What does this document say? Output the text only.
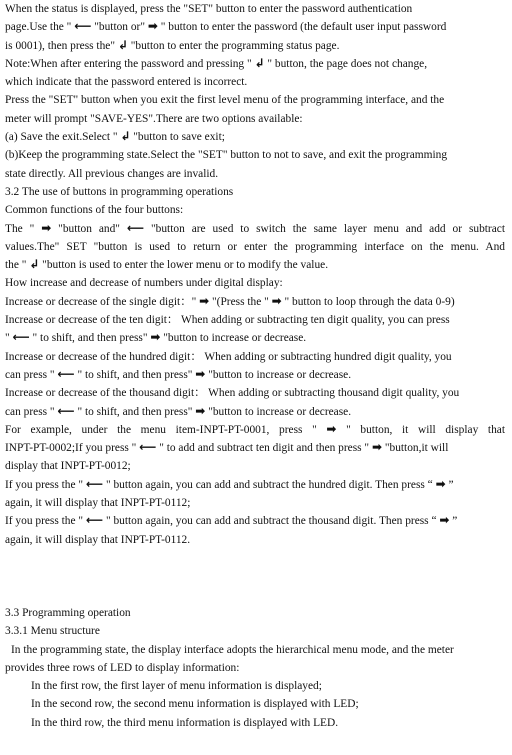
When the status is displayed, press the "SET" button to enter the password authentication
page.Use the " ⟵ "button or" ➡ " button to enter the password (the default user input password
is 0001), then press the" ↲ "button to enter the programming status page.
Note:When after entering the password and pressing " ↲ " button, the page does not change,
which indicate that the password entered is incorrect.
Press the "SET" button when you exit the first level menu of the programming interface, and the
meter will prompt "SAVE-YES".There are two options available:
(a) Save the exit.Select " ↲ "button to save exit;
(b)Keep the programming state.Select the "SET" button to not to save, and exit the programming
state directly. All previous changes are invalid.
3.2 The use of buttons in programming operations
Common functions of the four buttons:
The " ➡ "button and" ⟵ "button are used to switch the same layer menu and add or subtract
values.The" SET "button is used to return or enter the programming interface on the menu. And
the " ↲ "button is used to enter the lower menu or to modify the value.
How increase and decrease of numbers under digital display:
Increase or decrease of the single digit：" ➡ "(Press the " ➡ " button to loop through the data 0-9)
Increase or decrease of the ten digit： When adding or subtracting ten digit quality, you can press
" ⟵ " to shift, and then press" ➡ "button to increase or decrease.
Increase or decrease of the hundred digit： When adding or subtracting hundred digit quality, you
can press " ⟵ " to shift, and then press" ➡ "button to increase or decrease.
Increase or decrease of the thousand digit： When adding or subtracting thousand digit quality, you
can press " ⟵ " to shift, and then press" ➡ "button to increase or decrease.
For example, under the menu item-INPT-PT-0001, press " ➡ " button, it will display that
INPT-PT-0002;If you press " ⟵ " to add and subtract ten digit and then press " ➡ "button,it will
display that INPT-PT-0012;
If you press the " ⟵ " button again, you can add and subtract the hundred digit. Then press “ ➡ ”
again, it will display that INPT-PT-0112;
If you press the " ⟵ " button again, you can add and subtract the thousand digit. Then press “ ➡ ”
again, it will display that INPT-PT-0112.
3.3 Programming operation
3.3.1 Menu structure
In the programming state, the display interface adopts the hierarchical menu mode, and the meter
provides three rows of LED to display information:
In the first row, the first layer of menu information is displayed;
In the second row, the second menu information is displayed with LED;
In the third row, the third menu information is displayed with LED.
